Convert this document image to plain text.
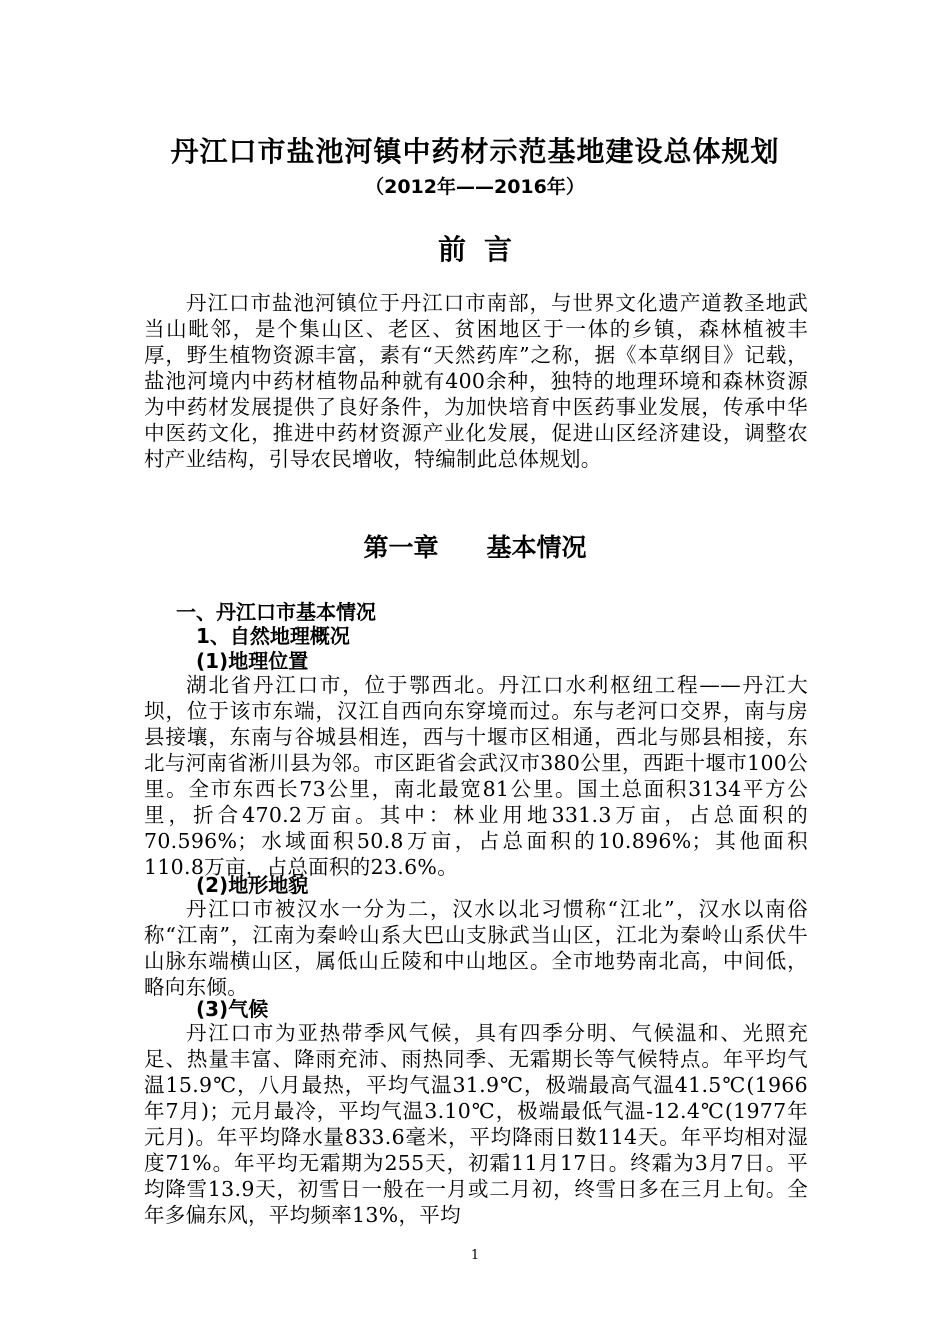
丹江口市盐池河镇中药材示范基地建设总体规划
（2012年——2016年）
前言

丹江口市盐池河镇位于丹江口市南部，与世界文化遗产道教圣地武当山毗邻，是个集山区、老区、贫困地区于一体的乡镇，森林植被丰厚，野生植物资源丰富，素有“天然药库”之称，据《本草纲目》记载，盐池河境内中药材植物品种就有400余种，独特的地理环境和森林资源为中药材发展提供了良好条件，为加快培育中医药事业发展，传承中华中医药文化，推进中药材资源产业化发展，促进山区经济建设，调整农村产业结构，引导农民增收，特编制此总体规划。

第一章 基本情况
一、丹江口市基本情况
1、自然地理概况
(1)地理位置

湖北省丹江口市，位于鄂西北。丹江口水利枢纽工程——丹江大坝，位于该市东端，汉江自西向东穿境而过。东与老河口交界，南与房县接壤，东南与谷城县相连，西与十堰市区相通，西北与郧县相接，东北与河南省淅川县为邻。市区距省会武汉市380公里，西距十堰市100公里。全市东西长73公里，南北最宽81公里。国土总面积3134平方公里，折合470.2万亩。其中：林业用地331.3万亩，占总面积的70.596%；水域面积50.8万亩，占总面积的10.896%；其他面积110.8万亩，占总面积的23.6%。

(2)地形地貌

丹江口市被汉水一分为二，汉水以北习惯称“江北”，汉水以南俗称“江南”，江南为秦岭山系大巴山支脉武当山区，江北为秦岭山系伏牛山脉东端横山区，属低山丘陵和中山地区。全市地势南北高，中间低，略向东倾。

(3)气候

丹江口市为亚热带季风气候，具有四季分明、气候温和、光照充足、热量丰富、降雨充沛、雨热同季、无霜期长等气候特点。年平均气温15.9℃，八月最热，平均气温31.9℃，极端最高气温41.5℃(1966年7月)；元月最冷，平均气温3.10℃，极端最低气温-12.4℃(1977年元月)。年平均降水量833.6毫米，平均降雨日数114天。年平均相对湿度71%。年平均无霜期为255天，初霜11月17日。终霜为3月7日。平均降雪13.9天，初雪日一般在一月或二月初，终雪日多在三月上旬。全年多偏东风，平均频率13%，平均

1
